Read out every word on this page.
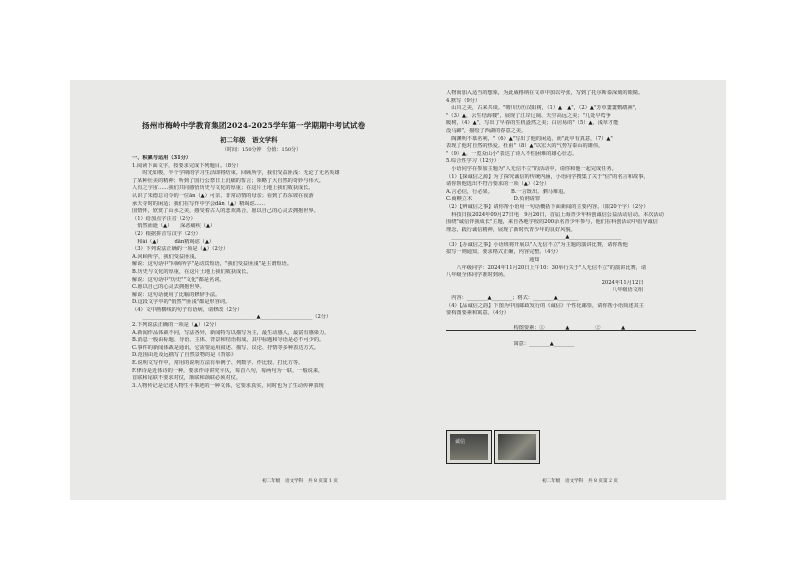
扬州市梅岭中学教育集团2024-2025学年第一学期期中考试试卷
初二年级　语文学科
（时间：150分钟　分值：150分）

一、积累与运用（31分）

1.阅读下面文字，按要求完成下列题目。（8分）

　　时光如梭，半个学期的学习生活即将结束。回顾所学，我们受益匪浅：无论了无名英雄

了某种壮美的精神；听到了国行公祭日上沉痛的誓言；领略了大自然的奇妙与伟大。

人有之宇宙……我们共同感悟历史与文化的厚重；在这片土地上我们收获成长。

认识了朱德总司令的一位ān（▲）可亲、非常动情的母亲；看到了苏东坡在夜游

承天寺时的闲适；我们在写作中学会dān（▲）精竭虑……

国情怀，欣赏了山水之美，感受着古人的悲欢离合，愿以自己的心灵去拥抱世界。

（1）给加点字注音（2分）

　悄然而逝（▲）　　深恶痛疾（▲）

（2）根据拼音写汉字（2分）

　和ǎi（▲）　　　dān精竭虑（▲）

（3）下列说法正确的一项是（▲）（2分）

A.回顾所学，我们受益匪浅。

解说：这句话中"回顾所学"是动宾短语，"我们受益匪浅"是主谓短语。

B.历史与文化的厚重，在这片土地上我们收获成长。

解说：这句话中"历史""文化"都是名词。

C.愿以自己的心灵去拥抱世界。

解说：这句话使用了比喻的修辞手法。

D.这段文字中的"悄然""匪浅"都是形容词。

（4）文中画横线的句子有语病，请修改（2分）

　　____________________________________________▲____________________（2分）

2.下列说法正确的一项是（▲）（2分）

A.新闻作品体裁不同，写法各异，新闻特写以描写为主，最生动感人，最富有感染力。

B.消息一般由标题、导语、主体、背景和结语构成，其中标题和导语是必不可少的。

C.事件的新闻体裁是通讯，它需要运用叙述、描写、议论、抒情等多种表达方式。

D.范围由近及远描写了自然景物的是《背影》

E.说明文写作中，常用的说明方法有举例子、列数字、作比较、打比方等。

F.律诗是近体诗的一种，要求作诗讲究平仄，每首八句，每两句为一联，一般说来，

首联和尾联不要求对仗，颔联和颈联必须对仗。

3.人物传记是记述人物生平事迹的一种文体，它要求真实，同时也为了生动传神表现

初二年级　语文学科　共 8 页第 1 页

人物而加入适当的想象，为此威格纳在文章中加以夸张，写到了托尔斯泰深刻的眼睛。

4.默写（9分）

　山川之美，古来共谈。"晴川历历汉阳树，（1）▲　▲"，（2）▲"芳草萋萋鹦鹉洲"，

"（3）▲，云生结海楼"，展现了江岸辽阔、天空高远之美；"几处早莺争

暖树，（4）▲"，写出了早春的生机盎然之美；白居易的"（5）▲，浅草才能

没马蹄"，描绘了西湖的春意之美。

　陶渊明不慕名利，"（6）▲"写出了他的闲适，而"此中有真意，（7）▲"

表现了他对自然的热爱。杜甫"（8）▲"以宏大的气势写泰山的雄伟，

"（9）▲，一览众山小"表达了诗人不怕困难的雄心壮志。

5.综合性学习（12分）

　小语同学在参加主题为"人无信不立"的活动中，请你和他一起完成任务。

（1）【探诚信之源】为了探究诚信的传统内涵，小语同学搜集了关于"信"的名言和故事，

请你帮他选出不符合要求的一项（▲）（2分）

A.言必信，行必果。　　　　B.一言既出，驷马难追。

C.商鞅立木　　　　　　　　D.负荆请罪

（2）【辨诚信之事】请你帮小语用一句话概括下面新闻的主要内容。（限20个字）（2分）

　科技日报2024年09月27日电　9月26日，首届上海青少年科创诚信公益活动启动。本次活动

围绕"诚信伴我成长"主题，来自各地学校的200余名青少年参与，他们在科创活动中倡导诚信

理念，践行诚信精神，展现了新时代青少年的良好风貌。

　____________________________________________▲____________________

（3）【办诚信之事】小语班将开展以"人无信不立"为主题的演讲比赛，请你帮他

拟写一则通知，要求格式正确，内容完整。（4分）

　　　　　　　　　　　　　　　　通知

　　八年级同学：2024年11月20日上午10：30举行关于"人无信不立"的演讲比赛，请

八年级全体同学准时到场。

　　　　　　　　　　　　　　　　　　　　　　　　　　　　　　2024年11月12日

　　　　　　　　　　　　　　　　　　　　　　　　　　　　　　　　八年级语文组

　内容：________▲________；格式：________▲________

（4）【品诚信之韵】下图为中国邮政发行的《诚信》个性化邮票，请你帮小语简述其主

要构图要素和寓意。（4分）

　　　　　　　　　　　　　构图要素：①________▲________　②________▲________

　　　　　　　　　　　　　寓意：________▲________

诚信
初二年级　语文学科　共 8 页第 2 页
